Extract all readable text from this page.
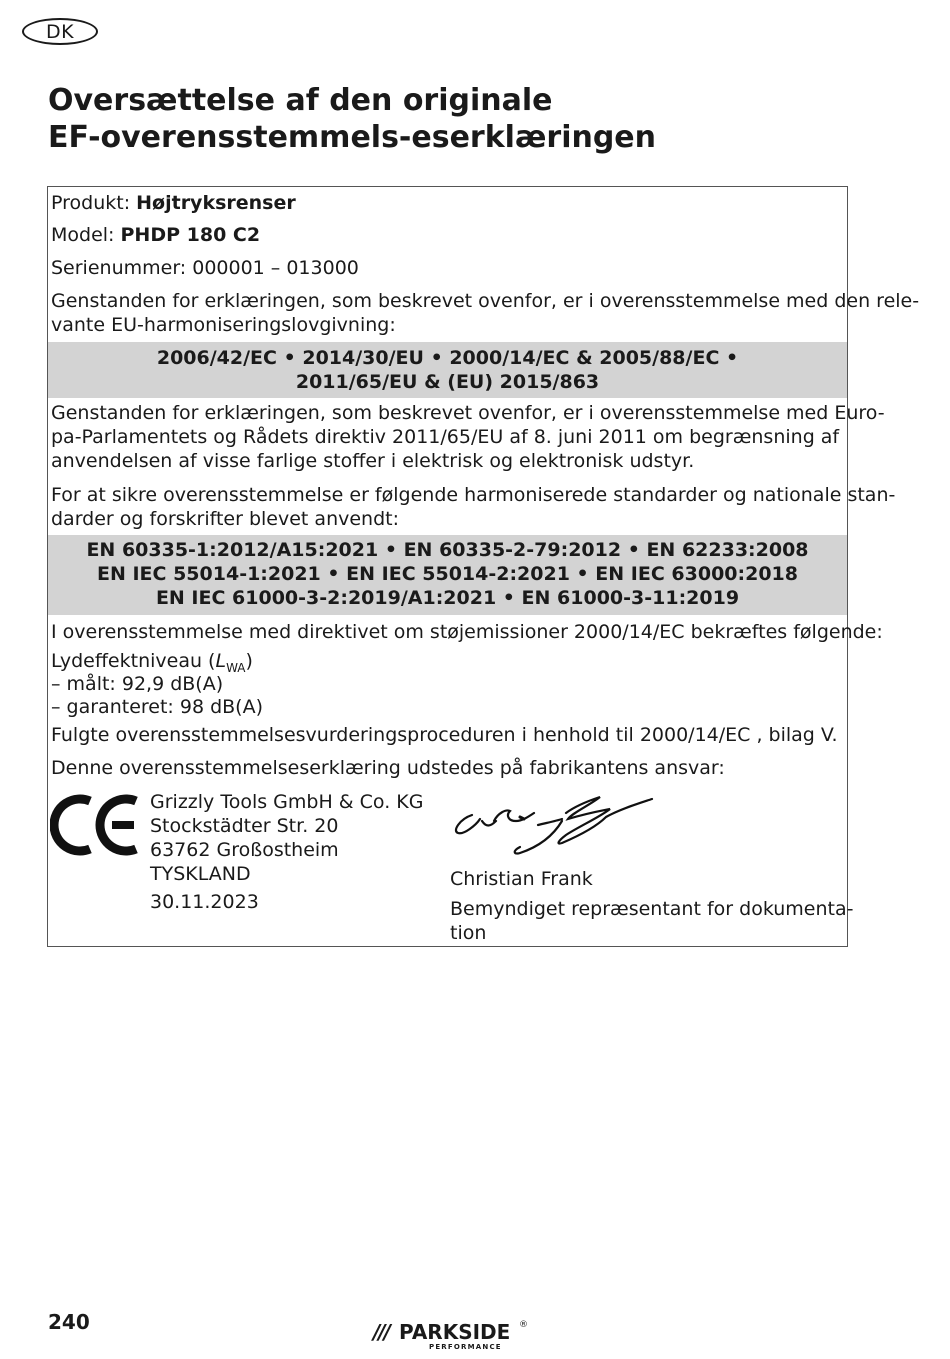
DK
Oversættelse af den originale
EF-overensstemmels-eserklæringen
Produkt: Højtryksrenser
Model: PHDP 180 C2
Serienummer: 000001 – 013000
Genstanden for erklæringen, som beskrevet ovenfor, er i overensstemmelse med den rele-
vante EU-harmoniseringslovgivning:
2006/42/EC • 2014/30/EU • 2000/14/EC & 2005/88/EC •
2011/65/EU & (EU) 2015/863
Genstanden for erklæringen, som beskrevet ovenfor, er i overensstemmelse med Euro-
pa-Parlamentets og Rådets direktiv 2011/65/EU af 8. juni 2011 om begrænsning af
anvendelsen af visse farlige stoffer i elektrisk og elektronisk udstyr.
For at sikre overensstemmelse er følgende harmoniserede standarder og nationale stan-
darder og forskrifter blevet anvendt:
EN 60335-1:2012/A15:2021 • EN 60335-2-79:2012 • EN 62233:2008
EN IEC 55014-1:2021 • EN IEC 55014-2:2021 • EN IEC 63000:2018
EN IEC 61000-3-2:2019/A1:2021 • EN 61000-3-11:2019
I overensstemmelse med direktivet om støjemissioner 2000/14/EC bekræftes følgende:
Lydeffektniveau $(L_{WA})$
– målt: 92,9 dB(A)
– garanteret: 98 dB(A)
Fulgte overensstemmelsesvurderingsproceduren i henhold til 2000/14/EC , bilag V.
Denne overensstemmelseserklæring udstedes på fabrikantens ansvar:
Grizzly Tools GmbH & Co. KG
Stockstädter Str. 20
63762 Großostheim
TYSKLAND
30.11.2023
Christian Frank
Bemyndiget repræsentant for dokumenta-
tion
240	/// PARKSIDE ®
PERFORMANCE
